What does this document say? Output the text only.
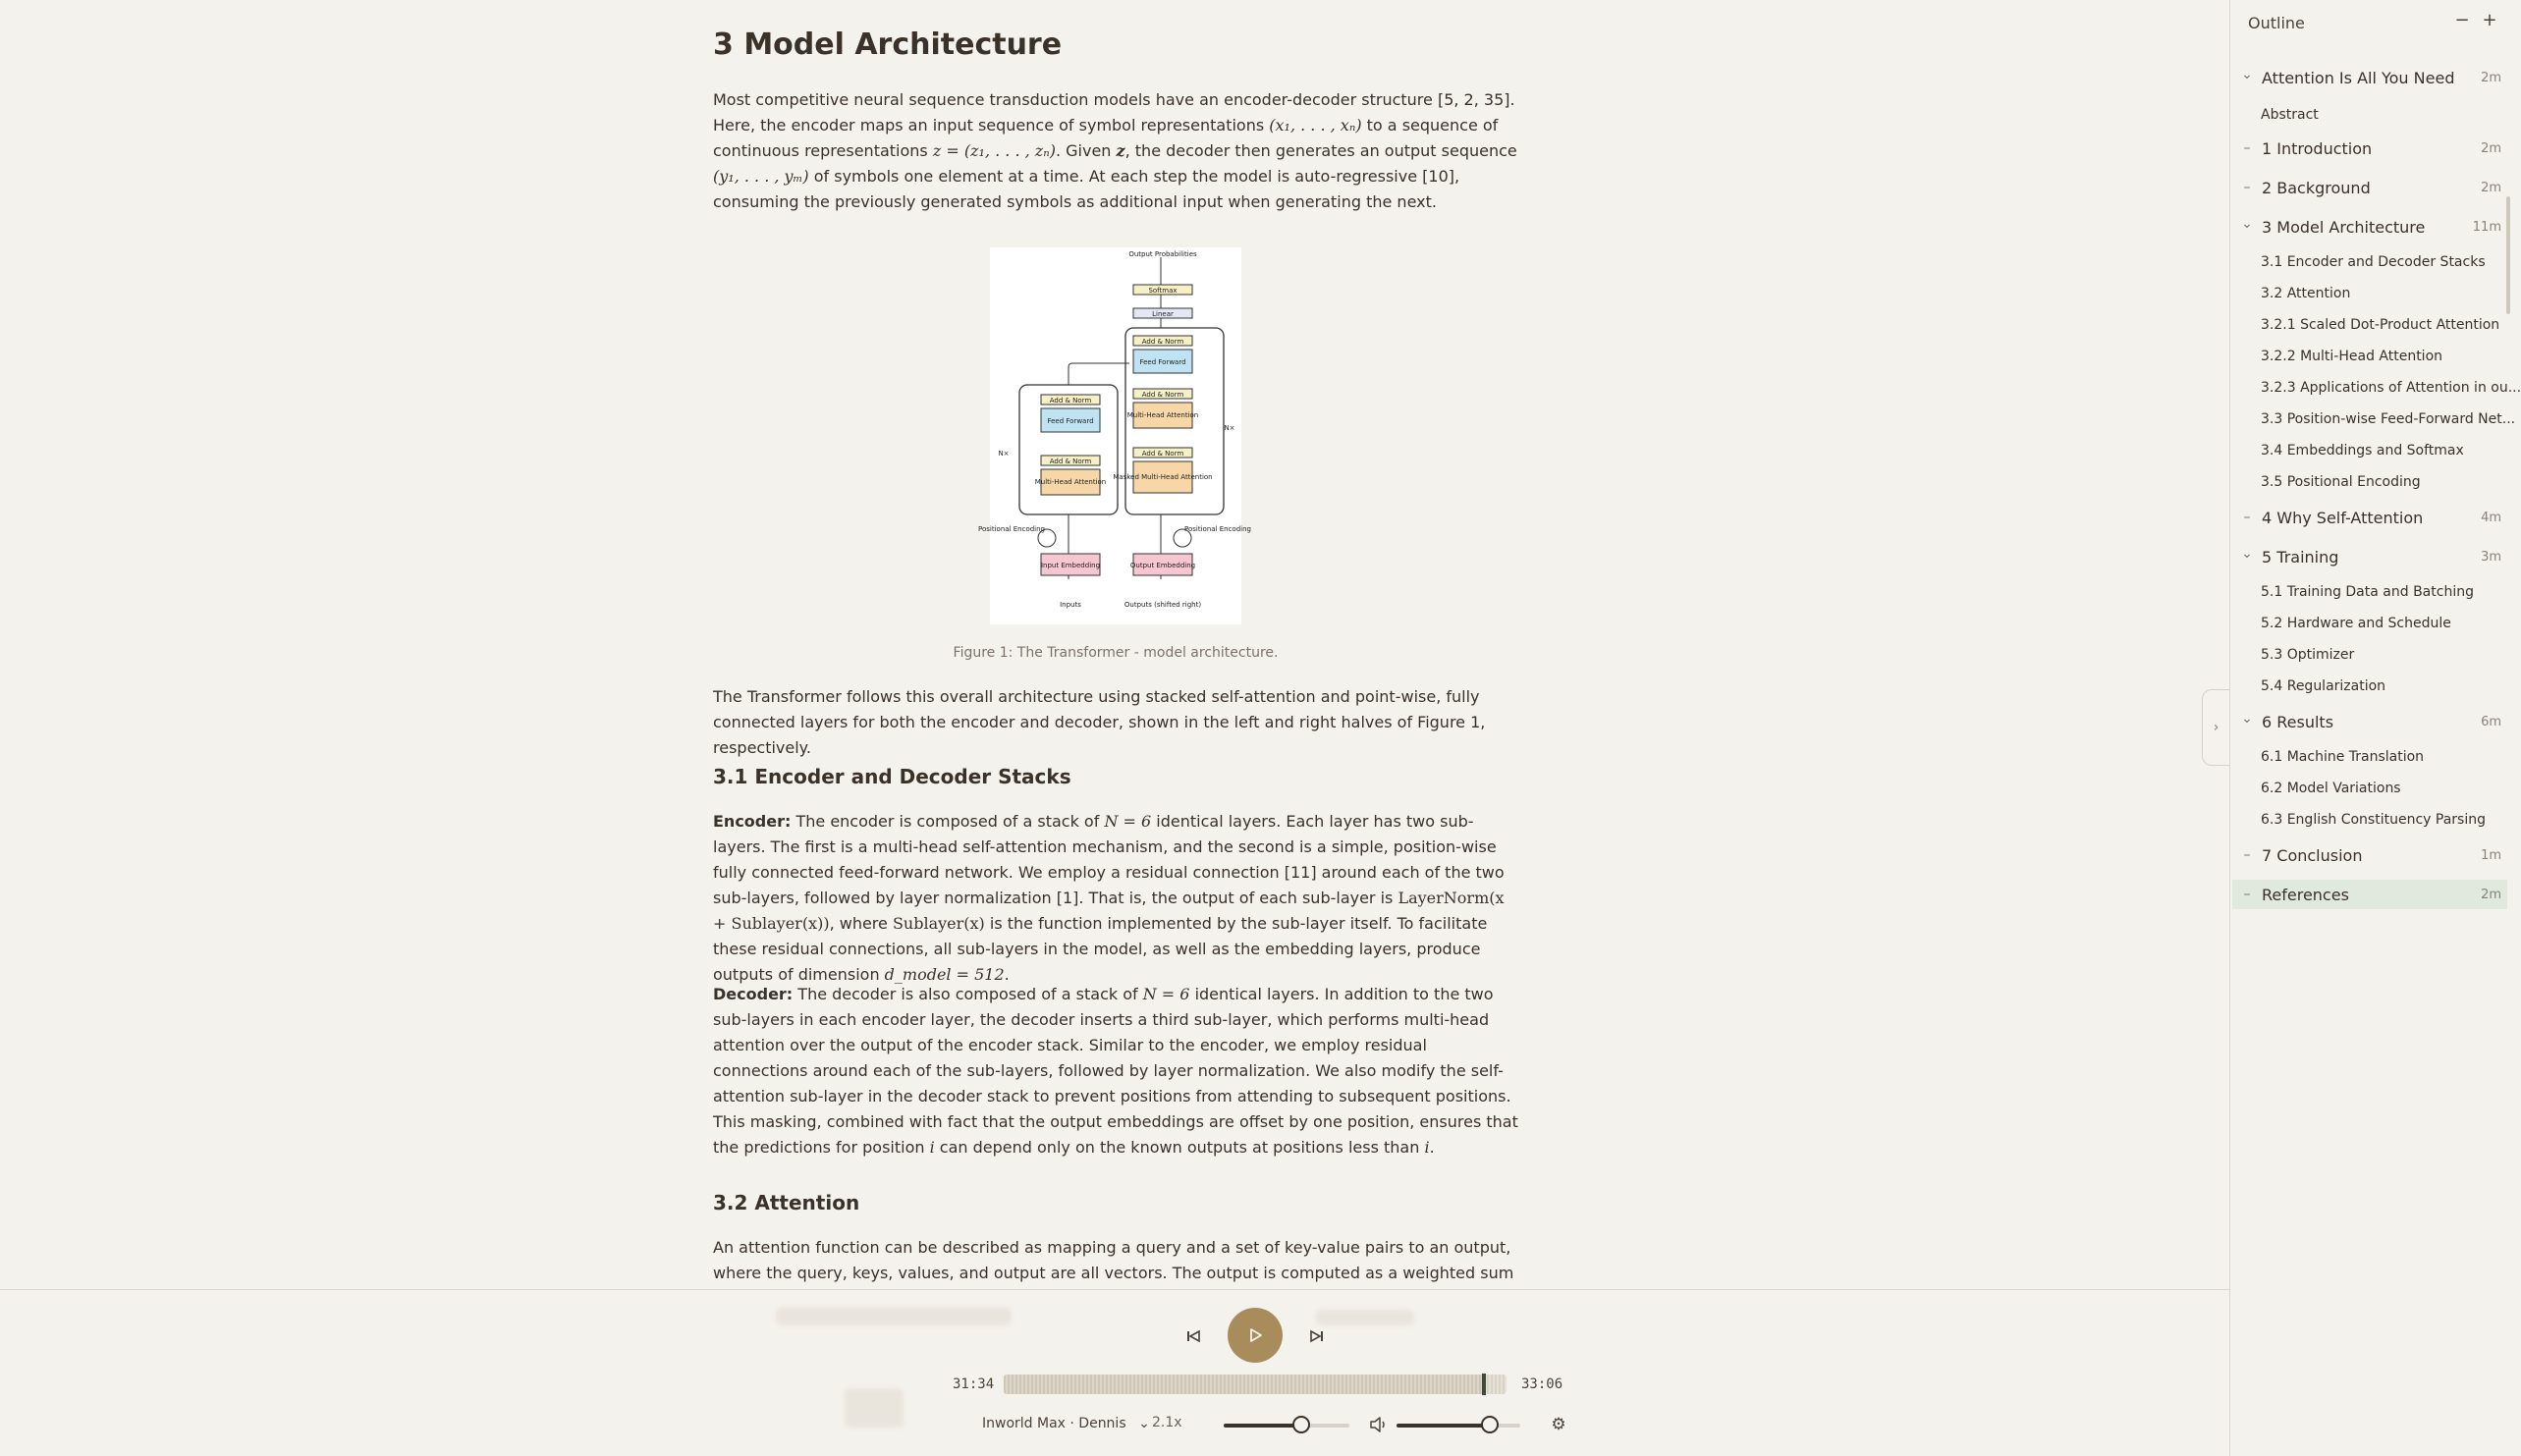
3 Model Architecture

Most competitive neural sequence transduction models have an encoder-decoder structure [5, 2, 35]. Here, the encoder maps an input sequence of symbol representations (x₁, . . . , xₙ) to a sequence of continuous representations z = (z₁, . . . , zₙ). Given z, the decoder then generates an output sequence (y₁, . . . , yₘ) of symbols one element at a time. At each step the model is auto-regressive [10], consuming the previously generated symbols as additional input when generating the next.

Softmax
Linear
Output Probabilities
Add & Norm
Feed Forward
Add & Norm
Multi-Head Attention
Add & Norm
Masked Multi-Head Attention
Add & Norm
Feed Forward
Add & Norm
Multi-Head Attention
Input Embedding	Output Embedding
N×
N×
Positional Encoding	Positional Encoding
Inputs	Outputs (shifted right)
Figure 1: The Transformer - model architecture.

The Transformer follows this overall architecture using stacked self-attention and point-wise, fully connected layers for both the encoder and decoder, shown in the left and right halves of Figure 1, respectively.

3.1 Encoder and Decoder Stacks

Encoder: The encoder is composed of a stack of N = 6 identical layers. Each layer has two sub-layers. The first is a multi-head self-attention mechanism, and the second is a simple, position-wise fully connected feed-forward network. We employ a residual connection [11] around each of the two sub-layers, followed by layer normalization [1]. That is, the output of each sub-layer is LayerNorm(x + Sublayer(x)), where Sublayer(x) is the function implemented by the sub-layer itself. To facilitate these residual connections, all sub-layers in the model, as well as the embedding layers, produce outputs of dimension d_model = 512.

Decoder: The decoder is also composed of a stack of N = 6 identical layers. In addition to the two sub-layers in each encoder layer, the decoder inserts a third sub-layer, which performs multi-head attention over the output of the encoder stack. Similar to the encoder, we employ residual connections around each of the sub-layers, followed by layer normalization. We also modify the self-attention sub-layer in the decoder stack to prevent positions from attending to subsequent positions. This masking, combined with fact that the output embeddings are offset by one position, ensures that the predictions for position i can depend only on the known outputs at positions less than i.

3.2 Attention

An attention function can be described as mapping a query and a set of key-value pairs to an output, where the query, keys, values, and output are all vectors. The output is computed as a weighted sum

31:34	33:06
Inworld Max · Dennis ⌄ 2.1x	⚙
›
Outline	− +
⌄ Attention Is All You Need 2m
Abstract
– 1 Introduction	2m
– 2 Background	2m
⌄ 3 Model Architecture	11m
3.1 Encoder and Decoder Stacks
3.2 Attention
3.2.1 Scaled Dot-Product Attention
3.2.2 Multi-Head Attention
3.2.3 Applications of Attention in ou...
3.3 Position-wise Feed-Forward Net...
3.4 Embeddings and Softmax
3.5 Positional Encoding
– 4 Why Self-Attention	4m
⌄ 5 Training	3m
5.1 Training Data and Batching
5.2 Hardware and Schedule
5.3 Optimizer
5.4 Regularization
⌄ 6 Results	6m
6.1 Machine Translation
6.2 Model Variations
6.3 English Constituency Parsing
– 7 Conclusion	1m
– References	2m
